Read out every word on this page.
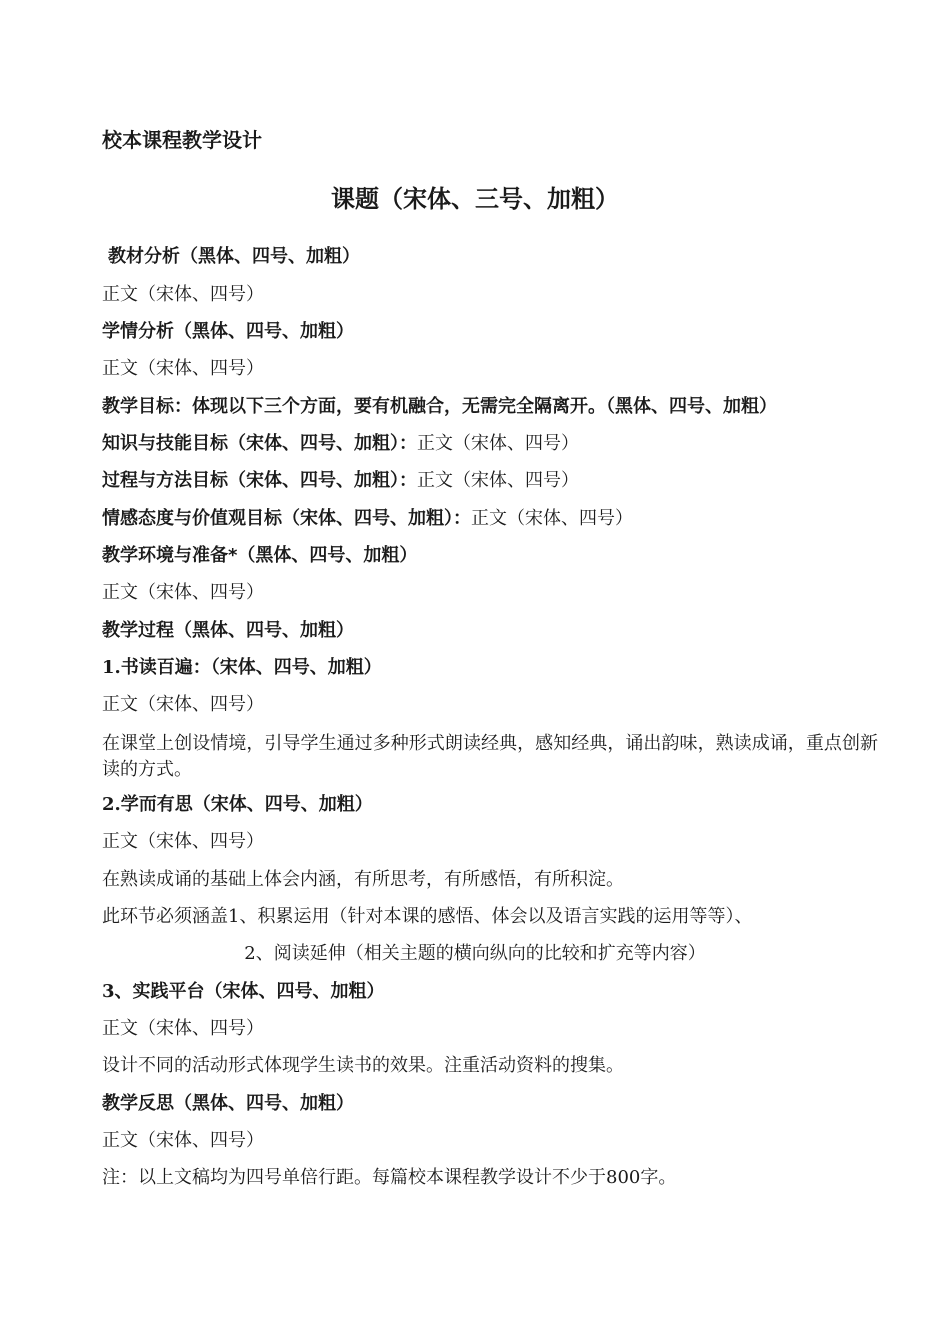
校本课程教学设计
课题（宋体、三号、加粗）
教材分析（黑体、四号、加粗）
正文（宋体、四号）
学情分析（黑体、四号、加粗）
正文（宋体、四号）
教学目标：体现以下三个方面，要有机融合，无需完全隔离开。（黑体、四号、加粗）
知识与技能目标（宋体、四号、加粗）：正文（宋体、四号）
过程与方法目标（宋体、四号、加粗）：正文（宋体、四号）
情感态度与价值观目标（宋体、四号、加粗）：正文（宋体、四号）
教学环境与准备*（黑体、四号、加粗）
正文（宋体、四号）
教学过程（黑体、四号、加粗）
1.书读百遍：（宋体、四号、加粗）
正文（宋体、四号）
在课堂上创设情境，引导学生通过多种形式朗读经典，感知经典，诵出韵味，熟读成诵，重点创新读的方式。
2.学而有思（宋体、四号、加粗）
正文（宋体、四号）
在熟读成诵的基础上体会内涵，有所思考，有所感悟，有所积淀。
此环节必须涵盖1、积累运用（针对本课的感悟、体会以及语言实践的运用等等）、
2、阅读延伸（相关主题的横向纵向的比较和扩充等内容）
3、实践平台（宋体、四号、加粗）
正文（宋体、四号）
设计不同的活动形式体现学生读书的效果。注重活动资料的搜集。
教学反思（黑体、四号、加粗）
正文（宋体、四号）
注：以上文稿均为四号单倍行距。每篇校本课程教学设计不少于800字。
